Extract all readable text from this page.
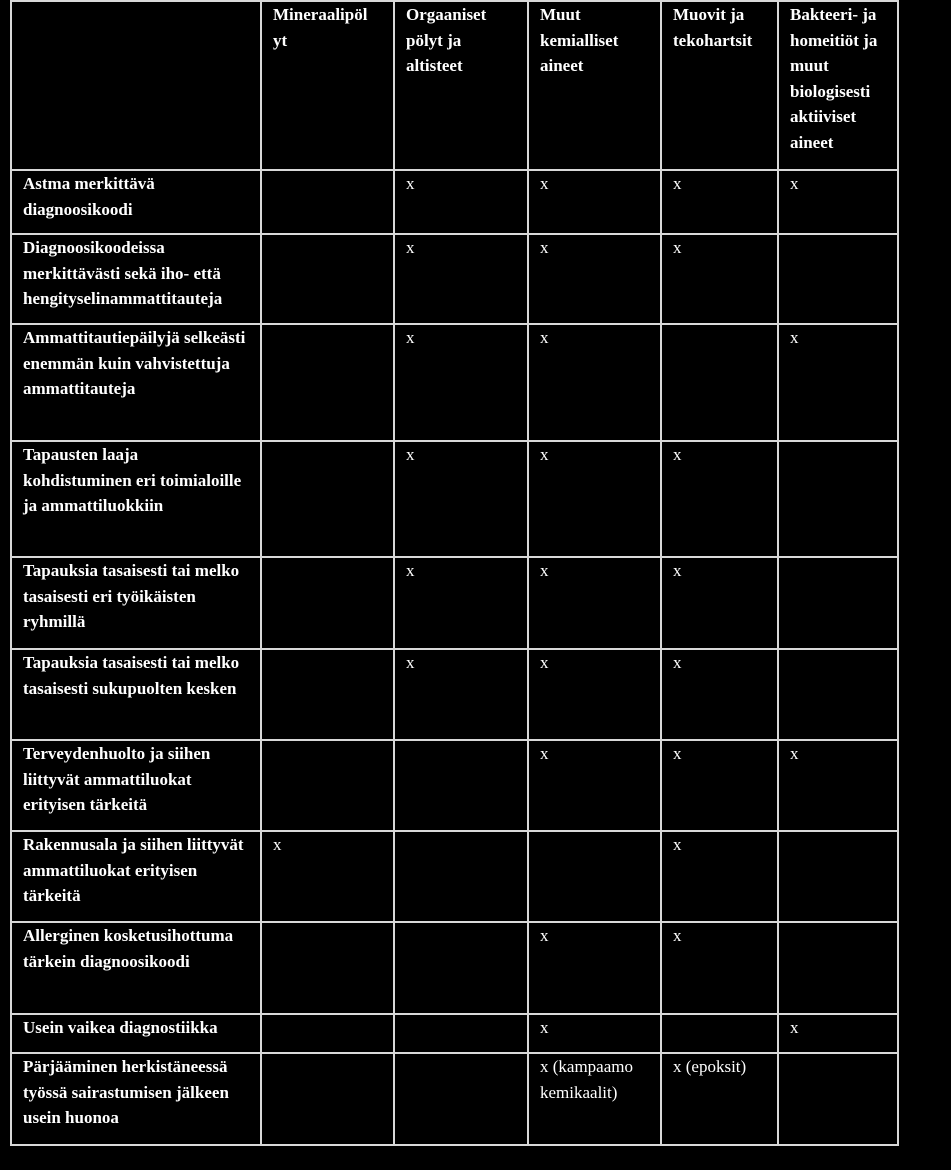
	Mineraalipöl yt	Orgaaniset pölyt ja altisteet	Muut kemialliset aineet	Muovit ja tekohartsit	Bakteeri- ja homeitiöt ja muut biologisesti aktiiviset aineet
Astma merkittävä diagnoosikoodi		x	x	x	x
Diagnoosikoodeissa merkittävästi sekä iho- että hengityselinammattitauteja		x	x	x	
Ammattitautiepäilyjä selkeästi enemmän kuin vahvistettuja ammattitauteja		x	x		x
Tapausten laaja kohdistuminen eri toimialoille ja ammattiluokkiin		x	x	x	
Tapauksia tasaisesti tai melko tasaisesti eri työikäisten ryhmillä		x	x	x	
Tapauksia tasaisesti tai melko tasaisesti sukupuolten kesken		x	x	x	
Terveydenhuolto ja siihen liittyvät ammattiluokat erityisen tärkeitä			x	x	x
Rakennusala ja siihen liittyvät ammattiluokat erityisen tärkeitä	x			x	
Allerginen kosketusihottuma tärkein diagnoosikoodi			x	x	
Usein vaikea diagnostiikka			x		x
Pärjääminen herkistäneessä työssä sairastumisen jälkeen usein huonoa			x (kampaamo kemikaalit)	x (epoksit)	
